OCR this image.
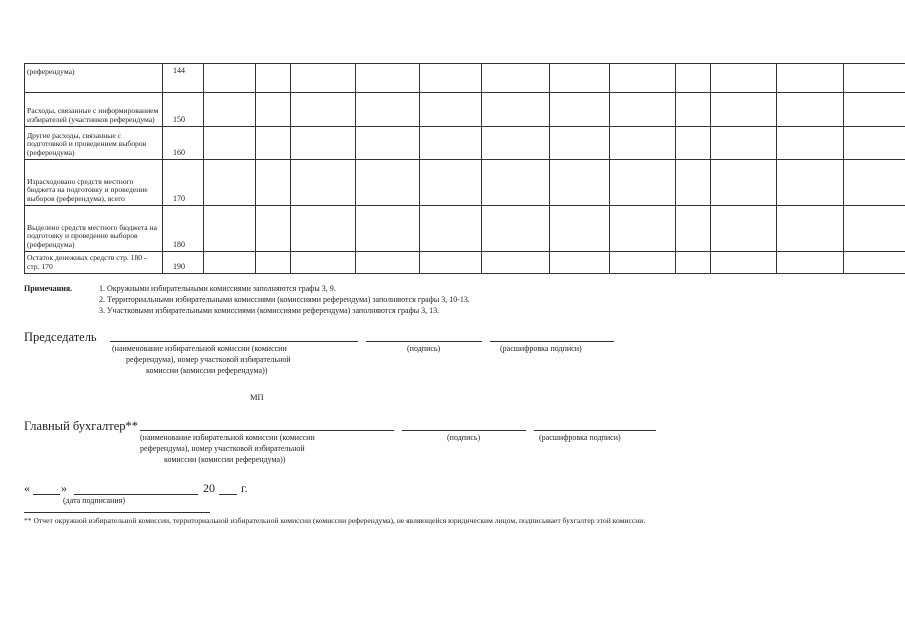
(референдума)	144												
Расходы, связанные с информированием избирателей (участников референдума)	150												
Другие расходы, связанные с подготовкой и проведением выборов (референдума)	160												
Израсходовано средств местного бюджета на подготовку и проведение выборов (референдума), всего	170												
Выделено средств местного бюджета на подготовку и проведение выборов (референдума)	180												
Остаток денежных средств стр. 180 - стр. 170	190												
Примечания.	1. Окружными избирательными комиссиями заполняются графы 3, 9.
2. Территориальными избирательными комиссиями (комиссиями референдума) заполняются графы 3, 10-13.
3. Участковыми избирательными комиссиями (комиссиями референдума) заполняются графы 3, 13.
Председатель
(наименование избирательной комиссии (комиссии
референдума), номер участковой избирательной
комиссии (комиссии референдума))
(подпись)	(расшифровка подписи)
МП
Главный бухгалтер**
(наименование избирательной комиссии (комиссии
референдума), номер участковой избирательной
комиссии (комиссии референдума))
(подпись)	(расшифровка подписи)
«	»	20 г.
(дата подписания)
** Отчет окружной избирательной комиссии, территориальной избирательной комиссии (комиссии референдума), не являющейся юридическим лицом, подписывает бухгалтер этой комиссии.
